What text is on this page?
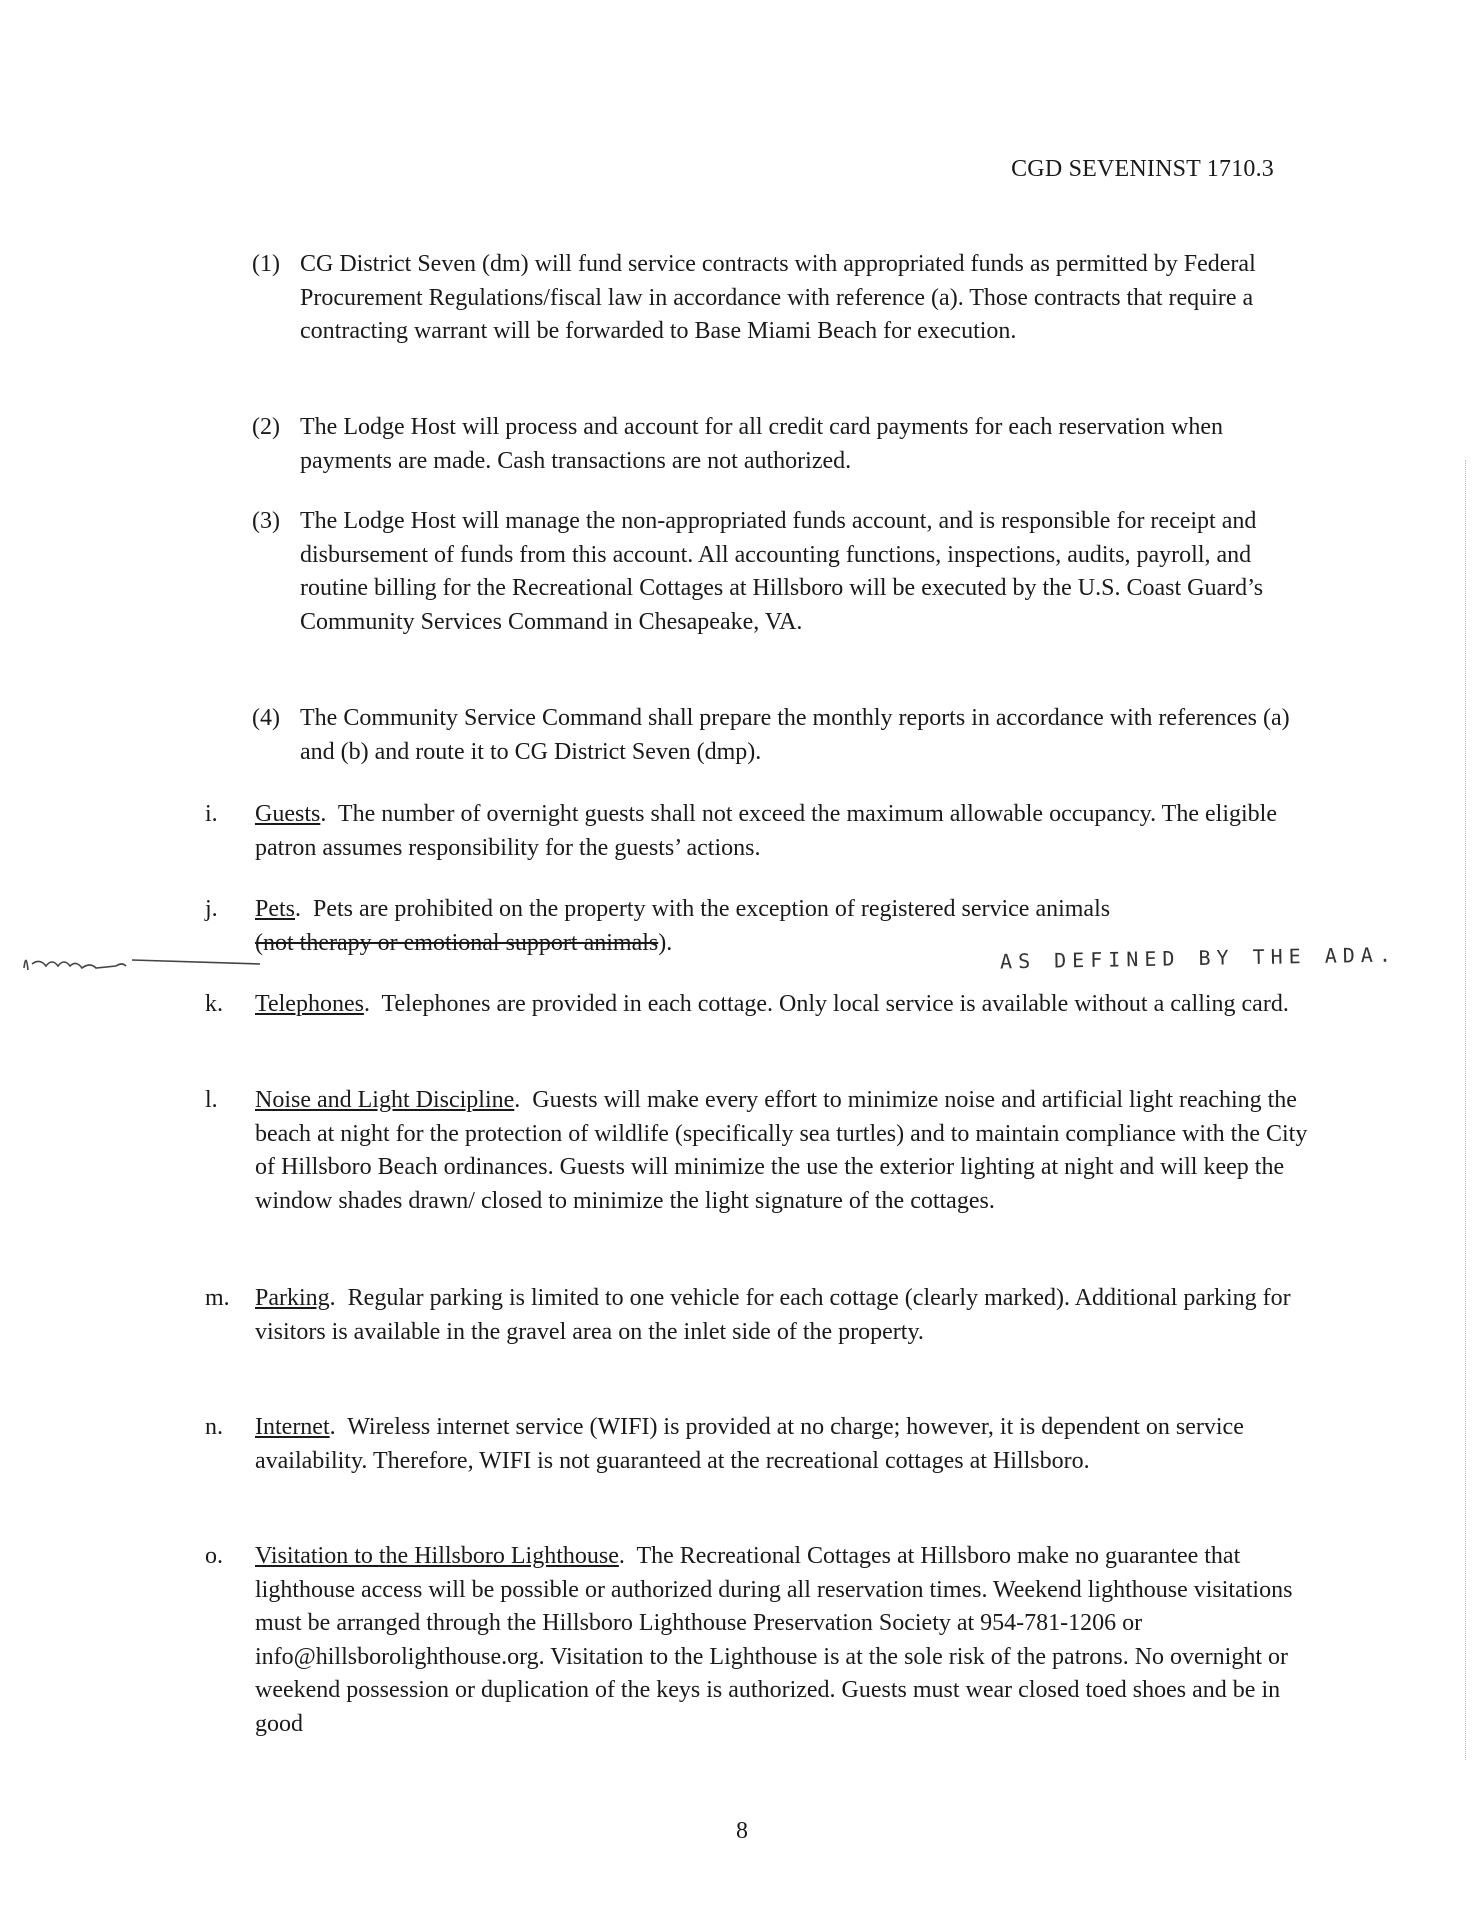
CGD SEVENINST 1710.3
(1) CG District Seven (dm) will fund service contracts with appropriated funds as permitted by Federal Procurement Regulations/fiscal law in accordance with reference (a). Those contracts that require a contracting warrant will be forwarded to Base Miami Beach for execution.
(2) The Lodge Host will process and account for all credit card payments for each reservation when payments are made. Cash transactions are not authorized.
(3) The Lodge Host will manage the non-appropriated funds account, and is responsible for receipt and disbursement of funds from this account. All accounting functions, inspections, audits, payroll, and routine billing for the Recreational Cottages at Hillsboro will be executed by the U.S. Coast Guard’s Community Services Command in Chesapeake, VA.
(4) The Community Service Command shall prepare the monthly reports in accordance with references (a) and (b) and route it to CG District Seven (dmp).
i.	Guests.  The number of overnight guests shall not exceed the maximum allowable occupancy. The eligible patron assumes responsibility for the guests’ actions.
j.	Pets.  Pets are prohibited on the property with the exception of registered service animals
(not therapy or emotional support animals).
AS DEFINED BY THE ADA.
k.	Telephones.  Telephones are provided in each cottage. Only local service is available without a calling card.
l.	Noise and Light Discipline.  Guests will make every effort to minimize noise and artificial light reaching the beach at night for the protection of wildlife (specifically sea turtles) and to maintain compliance with the City of Hillsboro Beach ordinances. Guests will minimize the use the exterior lighting at night and will keep the window shades drawn/ closed to minimize the light signature of the cottages.
m.	Parking.  Regular parking is limited to one vehicle for each cottage (clearly marked). Additional parking for visitors is available in the gravel area on the inlet side of the property.
n.	Internet.  Wireless internet service (WIFI) is provided at no charge; however, it is dependent on service availability. Therefore, WIFI is not guaranteed at the recreational cottages at Hillsboro.
o.	Visitation to the Hillsboro Lighthouse.  The Recreational Cottages at Hillsboro make no guarantee that lighthouse access will be possible or authorized during all reservation times. Weekend lighthouse visitations must be arranged through the Hillsboro Lighthouse Preservation Society at 954-781-1206 or info@hillsborolighthouse.org. Visitation to the Lighthouse is at the sole risk of the patrons. No overnight or weekend possession or duplication of the keys is authorized. Guests must wear closed toed shoes and be in good
8
